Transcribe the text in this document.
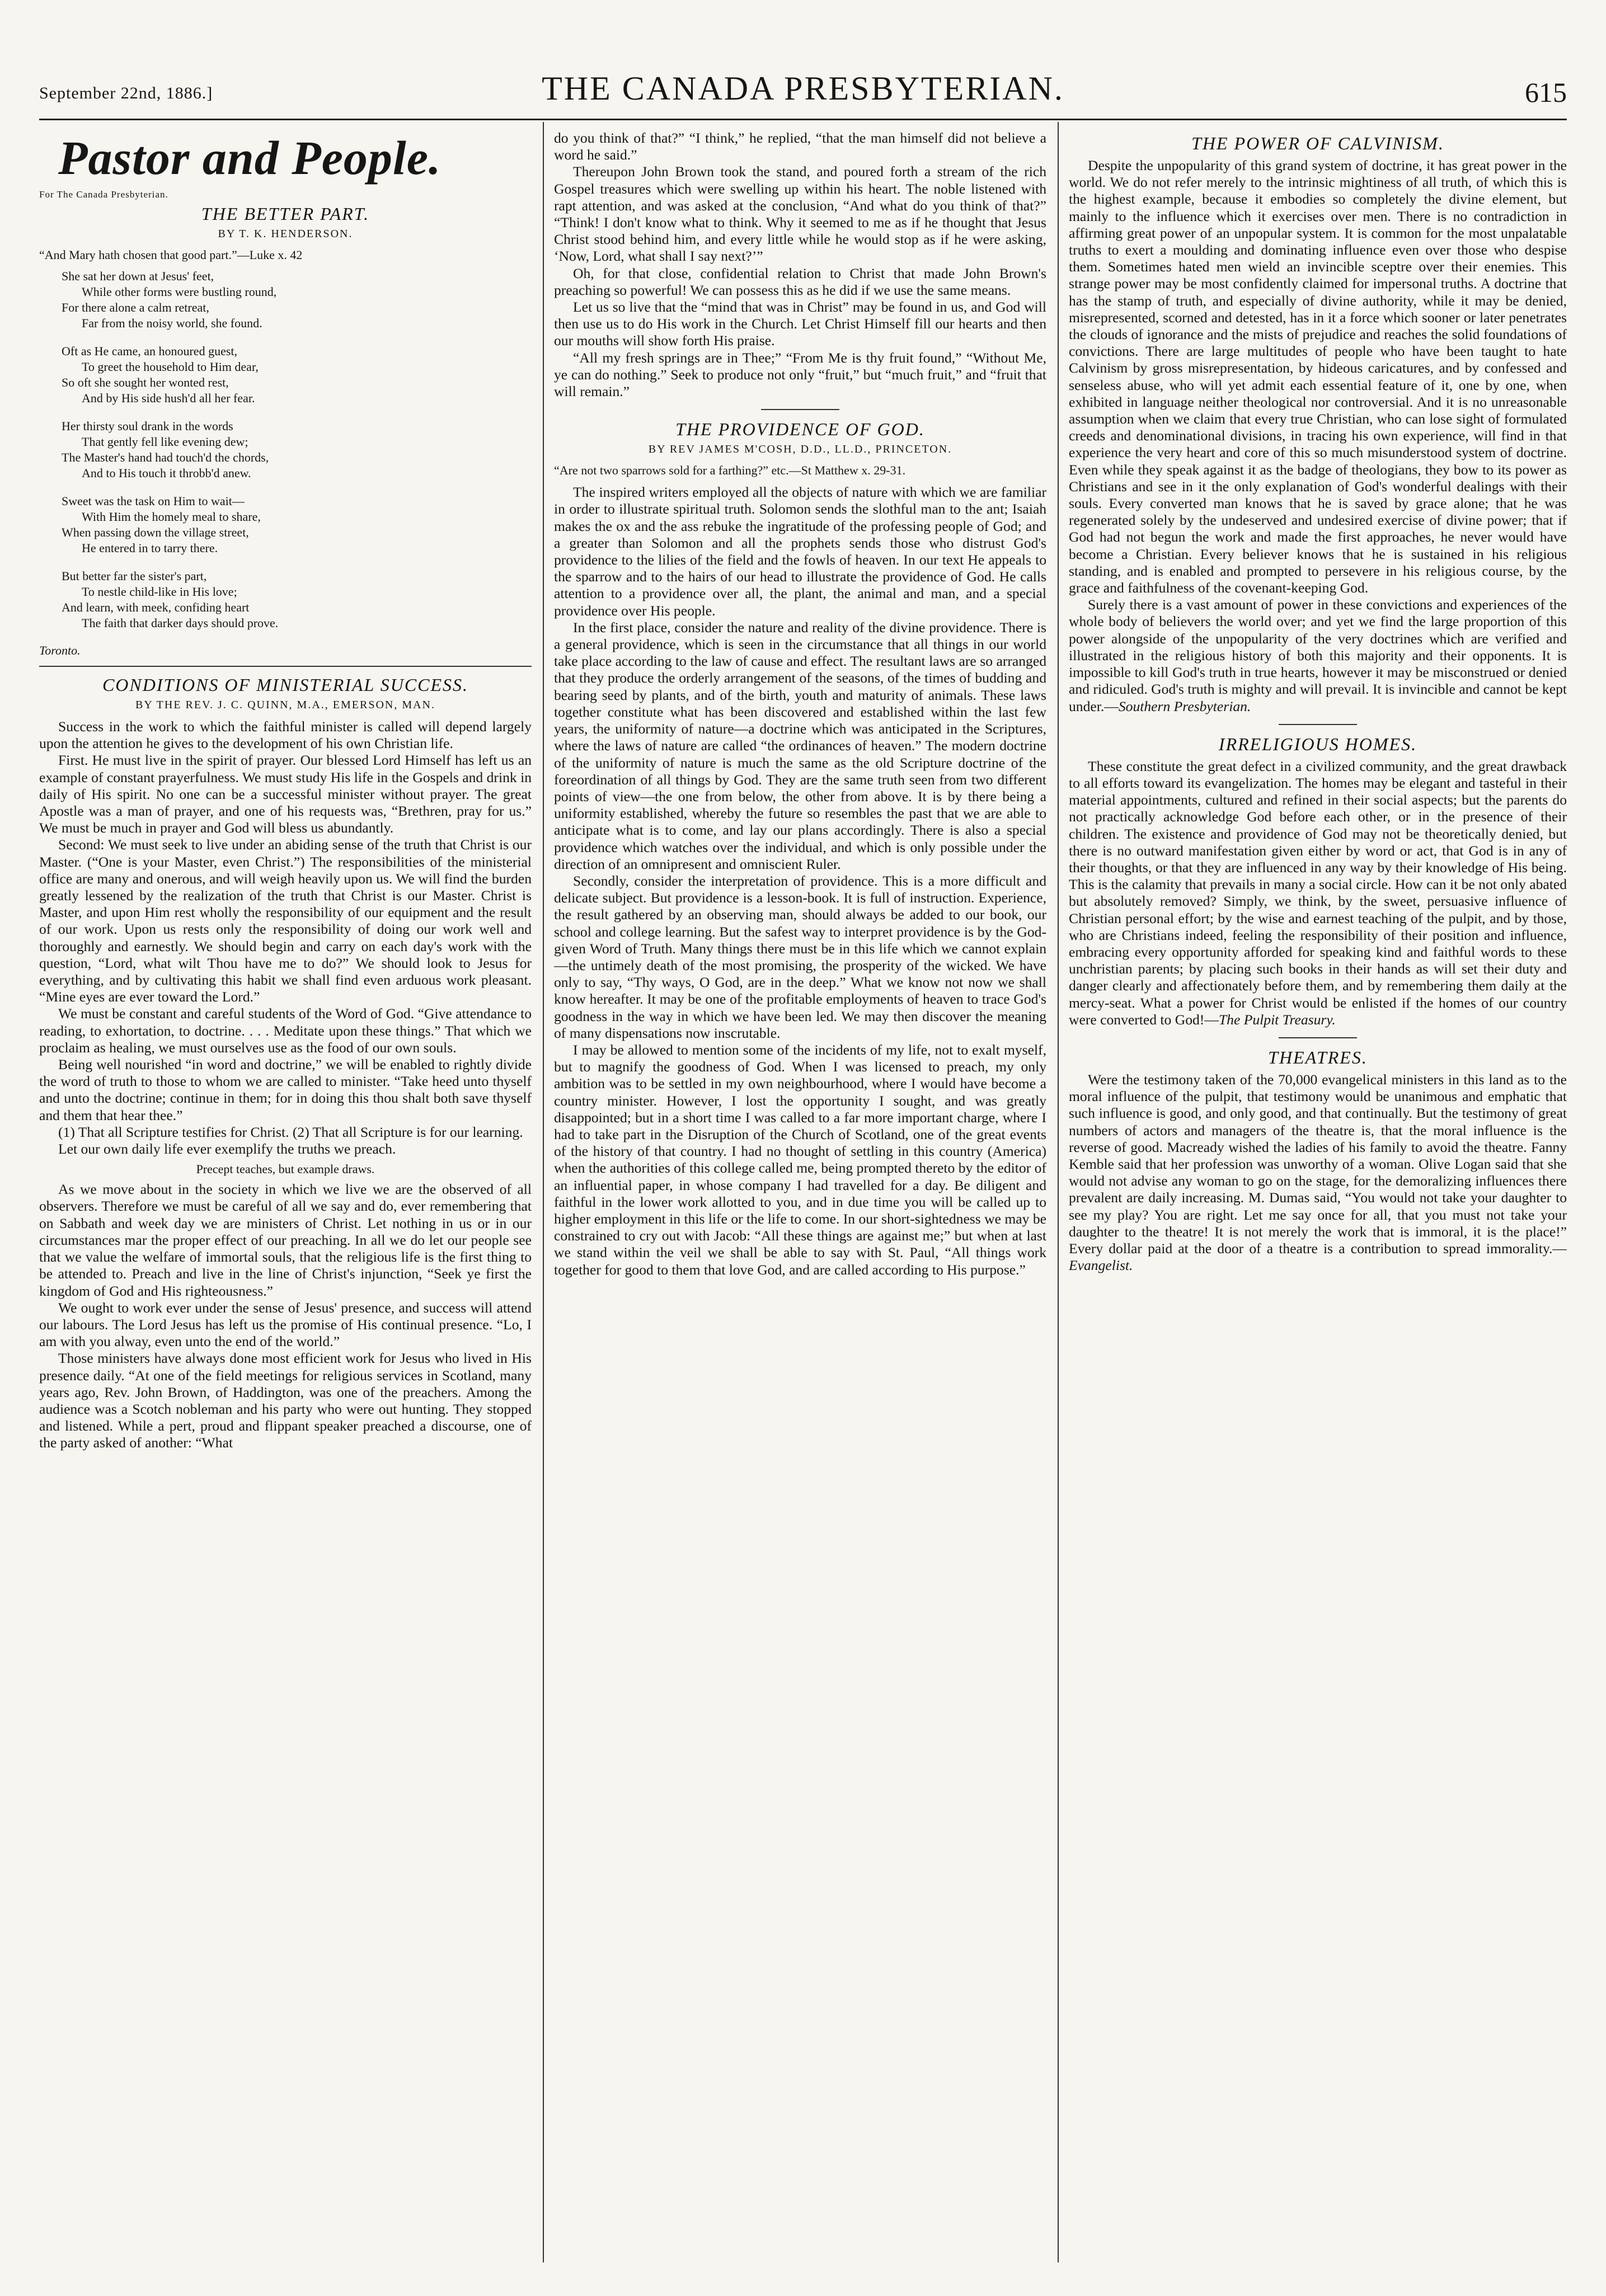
September 22nd, 1886.]	THE CANADA PRESBYTERIAN.	615
Pastor and People.
For The Canada Presbyterian.
THE BETTER PART.
BY T. K. HENDERSON.
“And Mary hath chosen that good part.”—Luke x. 42
She sat her down at Jesus' feet,
While other forms were bustling round,
For there alone a calm retreat,
Far from the noisy world, she found.
Oft as He came, an honoured guest,
To greet the household to Him dear,
So oft she sought her wonted rest,
And by His side hush'd all her fear.
Her thirsty soul drank in the words
That gently fell like evening dew;
The Master's hand had touch'd the chords,
And to His touch it throbb'd anew.
Sweet was the task on Him to wait—
With Him the homely meal to share,
When passing down the village street,
He entered in to tarry there.
But better far the sister's part,
To nestle child-like in His love;
And learn, with meek, confiding heart
The faith that darker days should prove.
Toronto.
CONDITIONS OF MINISTERIAL SUCCESS.
BY THE REV. J. C. QUINN, M.A., EMERSON, MAN.

Success in the work to which the faithful minister is called will depend largely upon the attention he gives to the development of his own Christian life.

First. He must live in the spirit of prayer. Our blessed Lord Himself has left us an example of constant prayerfulness. We must study His life in the Gospels and drink in daily of His spirit. No one can be a successful minister without prayer. The great Apostle was a man of prayer, and one of his requests was, “Brethren, pray for us.” We must be much in prayer and God will bless us abundantly.

Second: We must seek to live under an abiding sense of the truth that Christ is our Master. (“One is your Master, even Christ.”) The responsibilities of the ministerial office are many and onerous, and will weigh heavily upon us. We will find the burden greatly lessened by the realization of the truth that Christ is our Master. Christ is Master, and upon Him rest wholly the responsibility of our equipment and the result of our work. Upon us rests only the responsibility of doing our work well and thoroughly and earnestly. We should begin and carry on each day's work with the question, “Lord, what wilt Thou have me to do?” We should look to Jesus for everything, and by cultivating this habit we shall find even arduous work pleasant. “Mine eyes are ever toward the Lord.”

We must be constant and careful students of the Word of God. “Give attendance to reading, to exhortation, to doctrine. . . . Meditate upon these things.” That which we proclaim as healing, we must ourselves use as the food of our own souls.

Being well nourished “in word and doctrine,” we will be enabled to rightly divide the word of truth to those to whom we are called to minister. “Take heed unto thyself and unto the doctrine; continue in them; for in doing this thou shalt both save thyself and them that hear thee.”

(1) That all Scripture testifies for Christ. (2) That all Scripture is for our learning.

Let our own daily life ever exemplify the truths we preach.

Precept teaches, but example draws.

As we move about in the society in which we live we are the observed of all observers. Therefore we must be careful of all we say and do, ever remembering that on Sabbath and week day we are ministers of Christ. Let nothing in us or in our circumstances mar the proper effect of our preaching. In all we do let our people see that we value the welfare of immortal souls, that the religious life is the first thing to be attended to. Preach and live in the line of Christ's injunction, “Seek ye first the kingdom of God and His righteousness.”

We ought to work ever under the sense of Jesus' presence, and success will attend our labours. The Lord Jesus has left us the promise of His continual presence. “Lo, I am with you alway, even unto the end of the world.”

Those ministers have always done most efficient work for Jesus who lived in His presence daily. “At one of the field meetings for religious services in Scotland, many years ago, Rev. John Brown, of Haddington, was one of the preachers. Among the audience was a Scotch nobleman and his party who were out hunting. They stopped and listened. While a pert, proud and flippant speaker preached a discourse, one of the party asked of another: “What

do you think of that?” “I think,” he replied, “that the man himself did not believe a word he said.”

Thereupon John Brown took the stand, and poured forth a stream of the rich Gospel treasures which were swelling up within his heart. The noble listened with rapt attention, and was asked at the conclusion, “And what do you think of that?” “Think! I don't know what to think. Why it seemed to me as if he thought that Jesus Christ stood behind him, and every little while he would stop as if he were asking, ‘Now, Lord, what shall I say next?’”

Oh, for that close, confidential relation to Christ that made John Brown's preaching so powerful! We can possess this as he did if we use the same means.

Let us so live that the “mind that was in Christ” may be found in us, and God will then use us to do His work in the Church. Let Christ Himself fill our hearts and then our mouths will show forth His praise.

“All my fresh springs are in Thee;” “From Me is thy fruit found,” “Without Me, ye can do nothing.” Seek to produce not only “fruit,” but “much fruit,” and “fruit that will remain.”

THE PROVIDENCE OF GOD.
BY REV JAMES M'COSH, D.D., LL.D., PRINCETON.
“Are not two sparrows sold for a farthing?” etc.—St Matthew x. 29-31.

The inspired writers employed all the objects of nature with which we are familiar in order to illustrate spiritual truth. Solomon sends the slothful man to the ant; Isaiah makes the ox and the ass rebuke the ingratitude of the professing people of God; and a greater than Solomon and all the prophets sends those who distrust God's providence to the lilies of the field and the fowls of heaven. In our text He appeals to the sparrow and to the hairs of our head to illustrate the providence of God. He calls attention to a providence over all, the plant, the animal and man, and a special providence over His people.

In the first place, consider the nature and reality of the divine providence. There is a general providence, which is seen in the circumstance that all things in our world take place according to the law of cause and effect. The resultant laws are so arranged that they produce the orderly arrangement of the seasons, of the times of budding and bearing seed by plants, and of the birth, youth and maturity of animals. These laws together constitute what has been discovered and established within the last few years, the uniformity of nature—a doctrine which was anticipated in the Scriptures, where the laws of nature are called “the ordinances of heaven.” The modern doctrine of the uniformity of nature is much the same as the old Scripture doctrine of the foreordination of all things by God. They are the same truth seen from two different points of view—the one from below, the other from above. It is by there being a uniformity established, whereby the future so resembles the past that we are able to anticipate what is to come, and lay our plans accordingly. There is also a special providence which watches over the individual, and which is only possible under the direction of an omnipresent and omniscient Ruler.

Secondly, consider the interpretation of providence. This is a more difficult and delicate subject. But providence is a lesson-book. It is full of instruction. Experience, the result gathered by an observing man, should always be added to our book, our school and college learning. But the safest way to interpret providence is by the God-given Word of Truth. Many things there must be in this life which we cannot explain—the untimely death of the most promising, the prosperity of the wicked. We have only to say, “Thy ways, O God, are in the deep.” What we know not now we shall know hereafter. It may be one of the profitable employments of heaven to trace God's goodness in the way in which we have been led. We may then discover the meaning of many dispensations now inscrutable.

I may be allowed to mention some of the incidents of my life, not to exalt myself, but to magnify the goodness of God. When I was licensed to preach, my only ambition was to be settled in my own neighbourhood, where I would have become a country minister. However, I lost the opportunity I sought, and was greatly disappointed; but in a short time I was called to a far more important charge, where I had to take part in the Disruption of the Church of Scotland, one of the great events of the history of that country. I had no thought of settling in this country (America) when the authorities of this college called me, being prompted thereto by the editor of an influential paper, in whose company I had travelled for a day. Be diligent and faithful in the lower work allotted to you, and in due time you will be called up to higher employment in this life or the life to come. In our short-sightedness we may be constrained to cry out with Jacob: “All these things are against me;” but when at last we stand within the veil we shall be able to say with St. Paul, “All things work together for good to them that love God, and are called according to His purpose.”

THE POWER OF CALVINISM.

Despite the unpopularity of this grand system of doctrine, it has great power in the world. We do not refer merely to the intrinsic mightiness of all truth, of which this is the highest example, because it embodies so completely the divine element, but mainly to the influence which it exercises over men. There is no contradiction in affirming great power of an unpopular system. It is common for the most unpalatable truths to exert a moulding and dominating influence even over those who despise them. Sometimes hated men wield an invincible sceptre over their enemies. This strange power may be most confidently claimed for impersonal truths. A doctrine that has the stamp of truth, and especially of divine authority, while it may be denied, misrepresented, scorned and detested, has in it a force which sooner or later penetrates the clouds of ignorance and the mists of prejudice and reaches the solid foundations of convictions. There are large multitudes of people who have been taught to hate Calvinism by gross misrepresentation, by hideous caricatures, and by confessed and senseless abuse, who will yet admit each essential feature of it, one by one, when exhibited in language neither theological nor controversial. And it is no unreasonable assumption when we claim that every true Christian, who can lose sight of formulated creeds and denominational divisions, in tracing his own experience, will find in that experience the very heart and core of this so much misunderstood system of doctrine. Even while they speak against it as the badge of theologians, they bow to its power as Christians and see in it the only explanation of God's wonderful dealings with their souls. Every converted man knows that he is saved by grace alone; that he was regenerated solely by the undeserved and undesired exercise of divine power; that if God had not begun the work and made the first approaches, he never would have become a Christian. Every believer knows that he is sustained in his religious standing, and is enabled and prompted to persevere in his religious course, by the grace and faithfulness of the covenant-keeping God.

Surely there is a vast amount of power in these convictions and experiences of the whole body of believers the world over; and yet we find the large proportion of this power alongside of the unpopularity of the very doctrines which are verified and illustrated in the religious history of both this majority and their opponents. It is impossible to kill God's truth in true hearts, however it may be misconstrued or denied and ridiculed. God's truth is mighty and will prevail. It is invincible and cannot be kept under.—Southern Presbyterian.

IRRELIGIOUS HOMES.

These constitute the great defect in a civilized community, and the great drawback to all efforts toward its evangelization. The homes may be elegant and tasteful in their material appointments, cultured and refined in their social aspects; but the parents do not practically acknowledge God before each other, or in the presence of their children. The existence and providence of God may not be theoretically denied, but there is no outward manifestation given either by word or act, that God is in any of their thoughts, or that they are influenced in any way by their knowledge of His being. This is the calamity that prevails in many a social circle. How can it be not only abated but absolutely removed? Simply, we think, by the sweet, persuasive influence of Christian personal effort; by the wise and earnest teaching of the pulpit, and by those, who are Christians indeed, feeling the responsibility of their position and influence, embracing every opportunity afforded for speaking kind and faithful words to these unchristian parents; by placing such books in their hands as will set their duty and danger clearly and affectionately before them, and by remembering them daily at the mercy-seat. What a power for Christ would be enlisted if the homes of our country were converted to God!—The Pulpit Treasury.

THEATRES.

Were the testimony taken of the 70,000 evangelical ministers in this land as to the moral influence of the pulpit, that testimony would be unanimous and emphatic that such influence is good, and only good, and that continually. But the testimony of great numbers of actors and managers of the theatre is, that the moral influence is the reverse of good. Macready wished the ladies of his family to avoid the theatre. Fanny Kemble said that her profession was unworthy of a woman. Olive Logan said that she would not advise any woman to go on the stage, for the demoralizing influences there prevalent are daily increasing. M. Dumas said, “You would not take your daughter to see my play? You are right. Let me say once for all, that you must not take your daughter to the theatre! It is not merely the work that is immoral, it is the place!” Every dollar paid at the door of a theatre is a contribution to spread immorality.—Evangelist.
